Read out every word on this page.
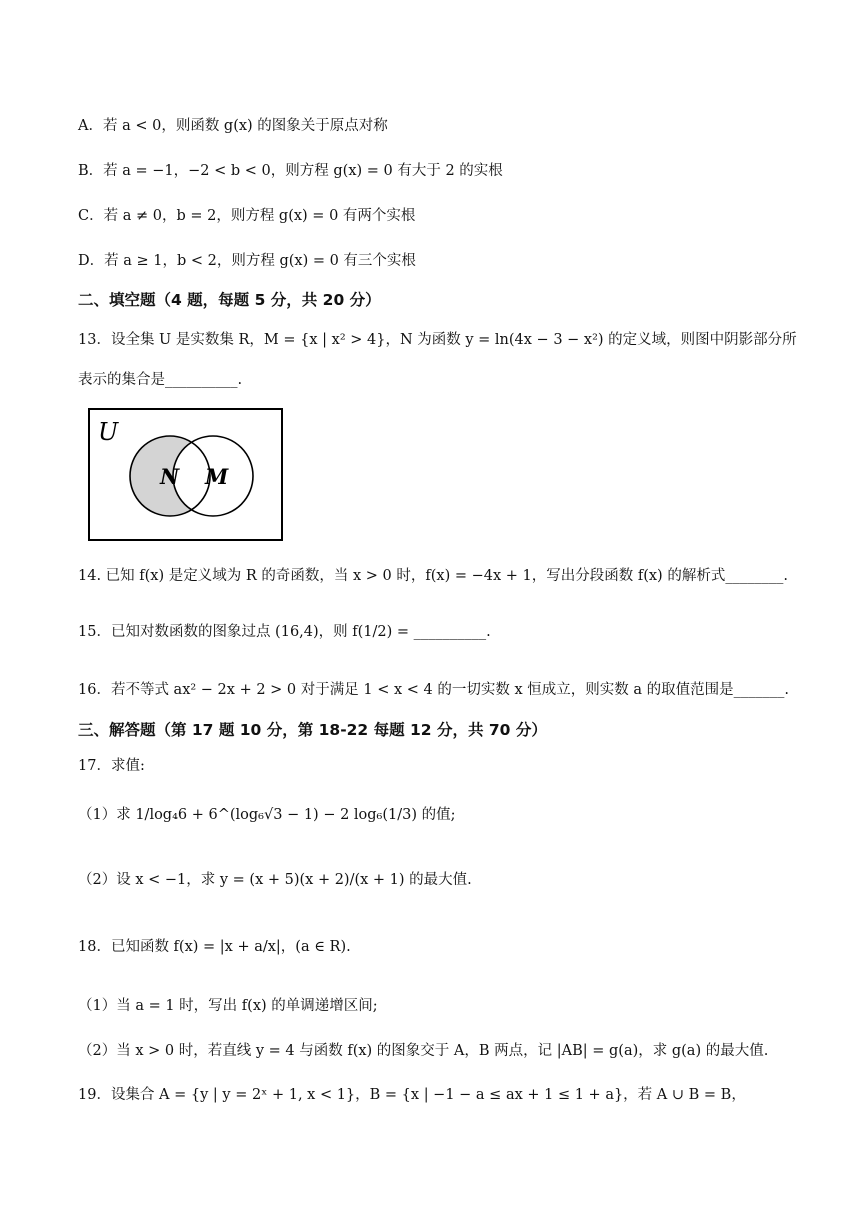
A．若 a < 0，则函数 g(x) 的图象关于原点对称
B．若 a = −1，−2 < b < 0，则方程 g(x) = 0 有大于 2 的实根
C．若 a ≠ 0，b = 2，则方程 g(x) = 0 有两个实根
D．若 a ≥ 1，b < 2，则方程 g(x) = 0 有三个实根
二、填空题（4 题，每题 5 分，共 20 分）
13．设全集 U 是实数集 R，M = {x | x² > 4}，N 为函数 y = ln(4x − 3 − x²) 的定义域，则图中阴影部分所
表示的集合是__________.
U
N M
14. 已知 f(x) 是定义域为 R 的奇函数，当 x > 0 时，f(x) = −4x + 1，写出分段函数 f(x) 的解析式________.
15．已知对数函数的图象过点 (16,4)，则 f(1/2) = __________.
16．若不等式 ax² − 2x + 2 > 0 对于满足 1 < x < 4 的一切实数 x 恒成立，则实数 a 的取值范围是_______.
三、解答题（第 17 题 10 分，第 18-22 每题 12 分，共 70 分）
17．求值:
（1）求 1/log₄6 + 6^(log₆√3 − 1) − 2 log₆(1/3) 的值;
（2）设 x < −1，求 y = (x + 5)(x + 2)/(x + 1) 的最大值.
18．已知函数 f(x) = |x + a/x|，(a ∈ R).
（1）当 a = 1 时，写出 f(x) 的单调递增区间;
（2）当 x > 0 时，若直线 y = 4 与函数 f(x) 的图象交于 A，B 两点，记 |AB| = g(a)，求 g(a) 的最大值.
19．设集合 A = {y | y = 2ˣ + 1, x < 1}，B = {x | −1 − a ≤ ax + 1 ≤ 1 + a}，若 A ∪ B = B，
